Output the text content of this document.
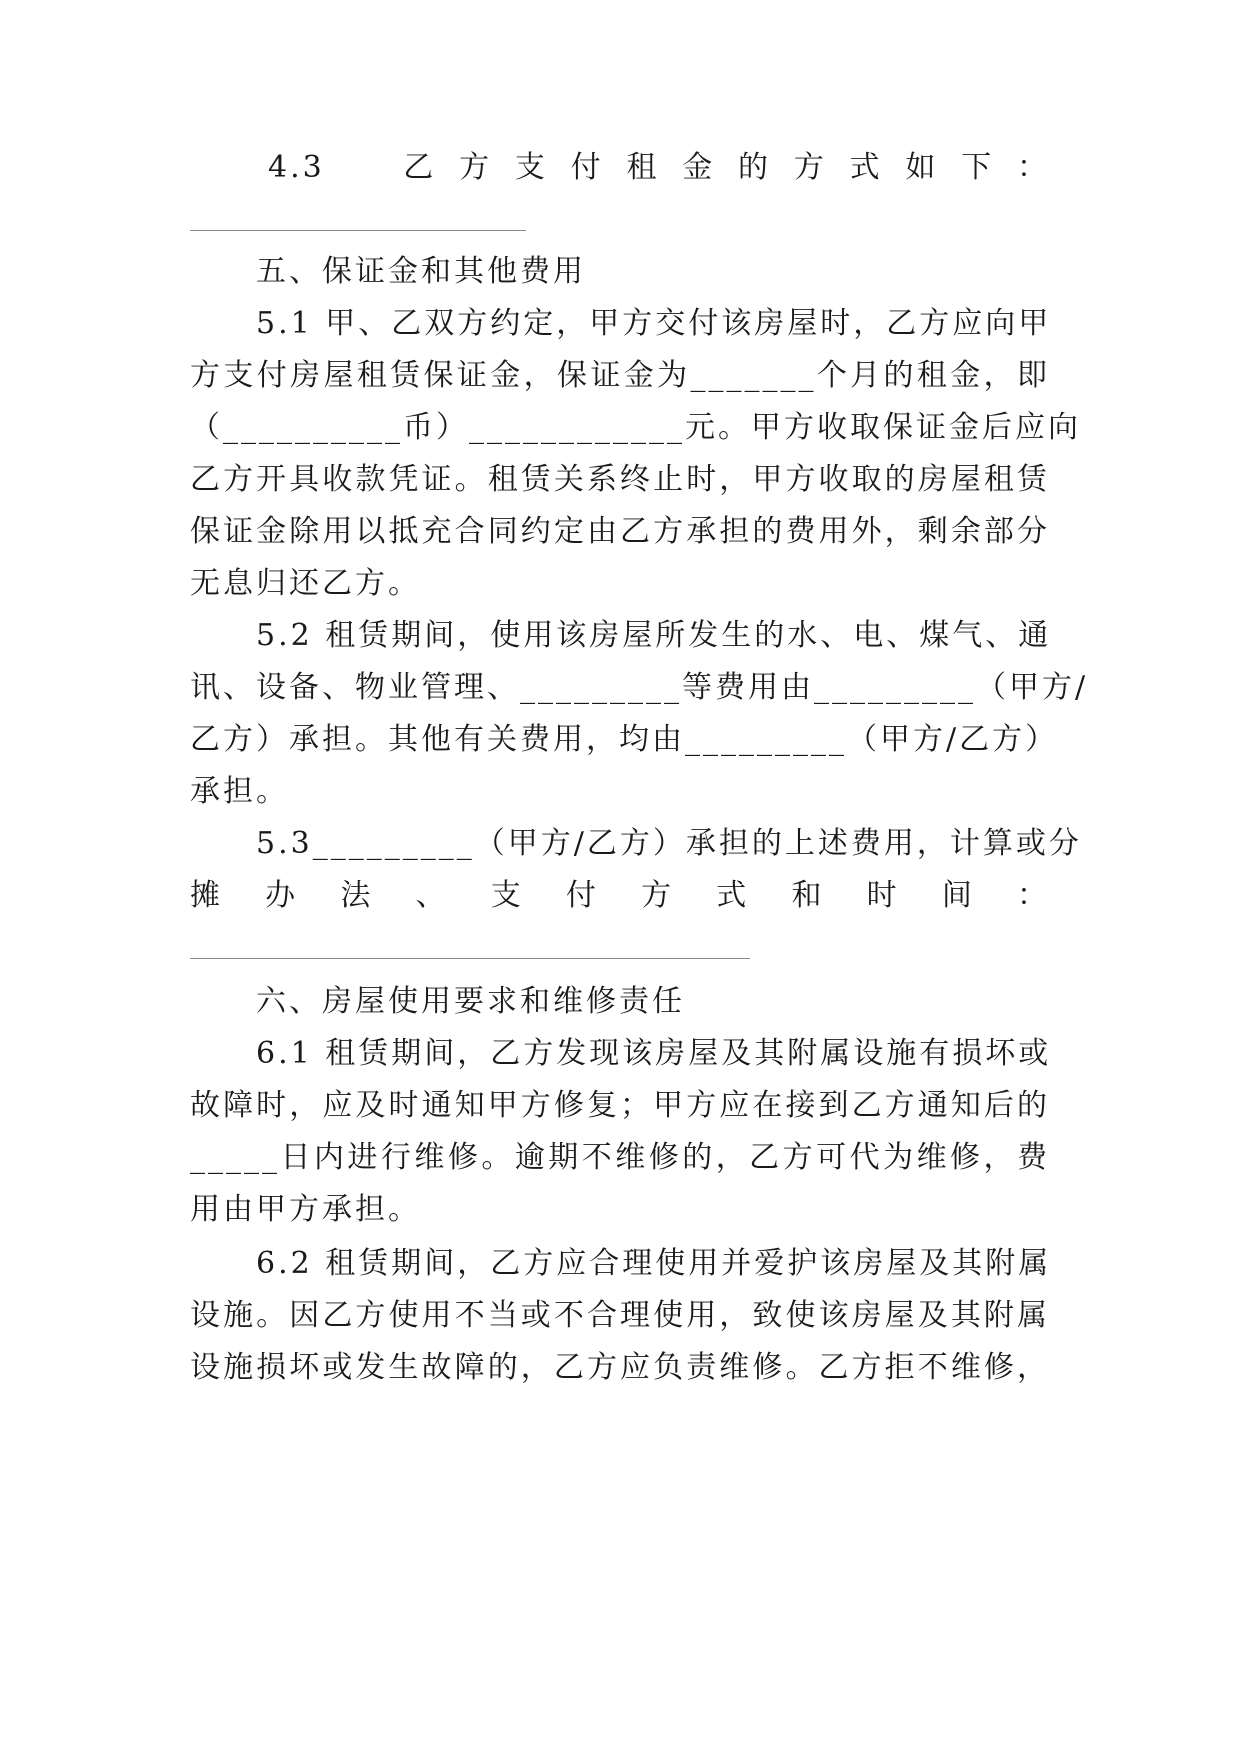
4.3　乙方支付租金的方式如下：
五、保证金和其他费用
5.1 甲、乙双方约定，甲方交付该房屋时，乙方应向甲
方支付房屋租赁保证金，保证金为_______个月的租金，即
（__________币）____________元。甲方收取保证金后应向
乙方开具收款凭证。租赁关系终止时，甲方收取的房屋租赁
保证金除用以抵充合同约定由乙方承担的费用外，剩余部分
无息归还乙方。
5.2 租赁期间，使用该房屋所发生的水、电、煤气、通
讯、设备、物业管理、_________等费用由_________（甲方/
乙方）承担。其他有关费用，均由_________（甲方/乙方）
承担。
5.3_________（甲方/乙方）承担的上述费用，计算或分
摊办法、支付方式和时间：
六、房屋使用要求和维修责任
6.1 租赁期间，乙方发现该房屋及其附属设施有损坏或
故障时，应及时通知甲方修复；甲方应在接到乙方通知后的
_____日内进行维修。逾期不维修的，乙方可代为维修，费
用由甲方承担。
6.2 租赁期间，乙方应合理使用并爱护该房屋及其附属
设施。因乙方使用不当或不合理使用，致使该房屋及其附属
设施损坏或发生故障的，乙方应负责维修。乙方拒不维修，
